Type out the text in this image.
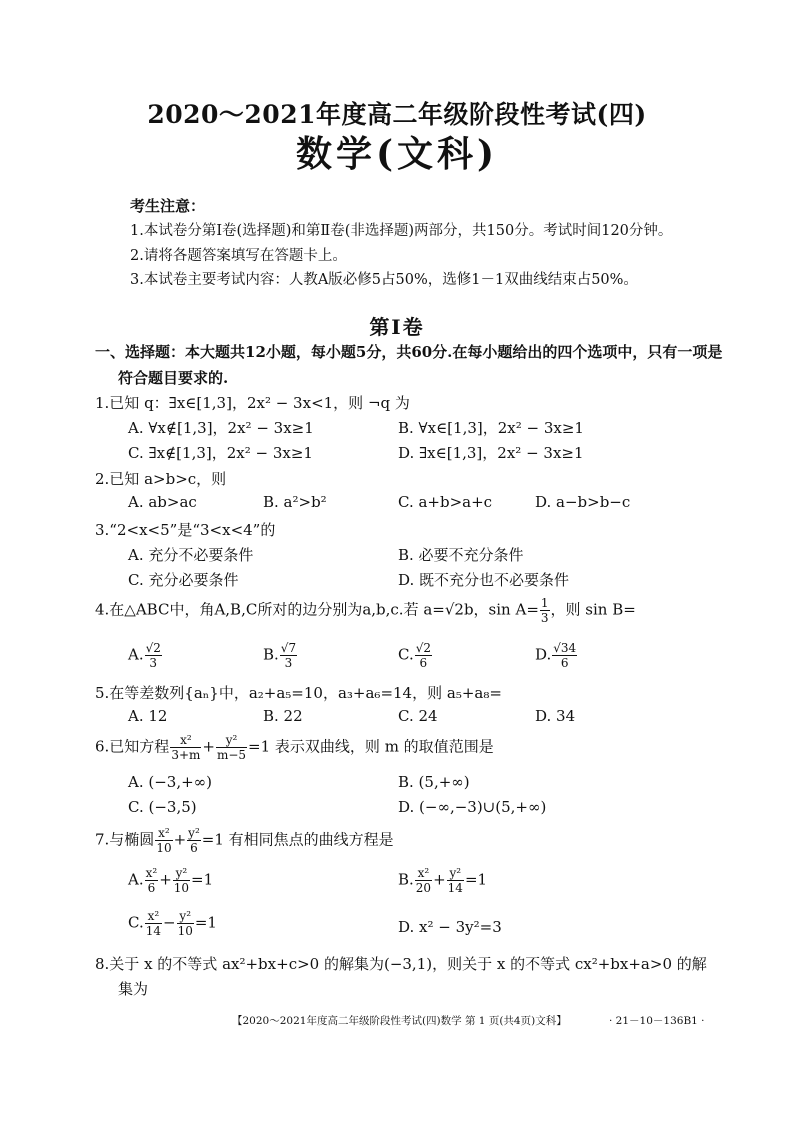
2020～2021年度高二年级阶段性考试(四)
数学(文科)
考生注意：
1.本试卷分第Ⅰ卷(选择题)和第Ⅱ卷(非选择题)两部分，共150分。考试时间120分钟。
2.请将各题答案填写在答题卡上。
3.本试卷主要考试内容：人教A版必修5占50%，选修1－1双曲线结束占50%。
第Ⅰ卷
一、选择题：本大题共12小题，每小题5分，共60分.在每小题给出的四个选项中，只有一项是
符合题目要求的.
1.已知 q：∃x∈[1,3]，2x² − 3x<1，则 ¬q 为
A. ∀x∉[1,3]，2x² − 3x≥1	B. ∀x∈[1,3]，2x² − 3x≥1
C. ∃x∉[1,3]，2x² − 3x≥1	D. ∃x∈[1,3]，2x² − 3x≥1
2.已知 a>b>c，则
A. ab>ac	B. a²>b²	C. a+b>a+c	D. a−b>b−c
3.“2<x<5”是“3<x<4”的
A. 充分不必要条件	B. 必要不充分条件
C. 充分必要条件	D. 既不充分也不必要条件
4.在△ABC中，角A,B,C所对的边分别为a,b,c.若 a=√2b，$\sin A= \frac{1}{3}$ ，则 sin B=
A. $\frac{√2}{3}$	B. $\frac{√7}{3}$	C. $\frac{√2}{6}$	D. $\frac{√34}{6}$
5.在等差数列{aₙ}中，a₂+a₅=10，a₃+a₆=14，则 a₅+a₈=
A. 12	B. 22	C. 24	D. 34
6.已知方程 $\frac{\text{x²}}{3+m} + \frac{\text{y²}}{m-5} =1$ 表示双曲线，则 m 的取值范围是
A. (−3,+∞)	B. (5,+∞)
C. (−3,5)	D. (−∞,−3)∪(5,+∞)
7.与椭圆 $\frac{\text{x²}}{10} + \frac{\text{y²}}{6} =1$ 有相同焦点的曲线方程是
A. $\frac{\text{x²}}{6} + \frac{\text{y²}}{10} =1$	B. $\frac{\text{x²}}{20} + \frac{\text{y²}}{14} =1$
C. $\frac{\text{x²}}{14} - \frac{\text{y²}}{10} =1$	D. x² − 3y²=3
8.关于 x 的不等式 ax²+bx+c>0 的解集为(−3,1)，则关于 x 的不等式 cx²+bx+a>0 的解
集为
【2020～2021年度高二年级阶段性考试(四)数学 第 1 页(共4页)文科】	· 21－10－136B1 ·
